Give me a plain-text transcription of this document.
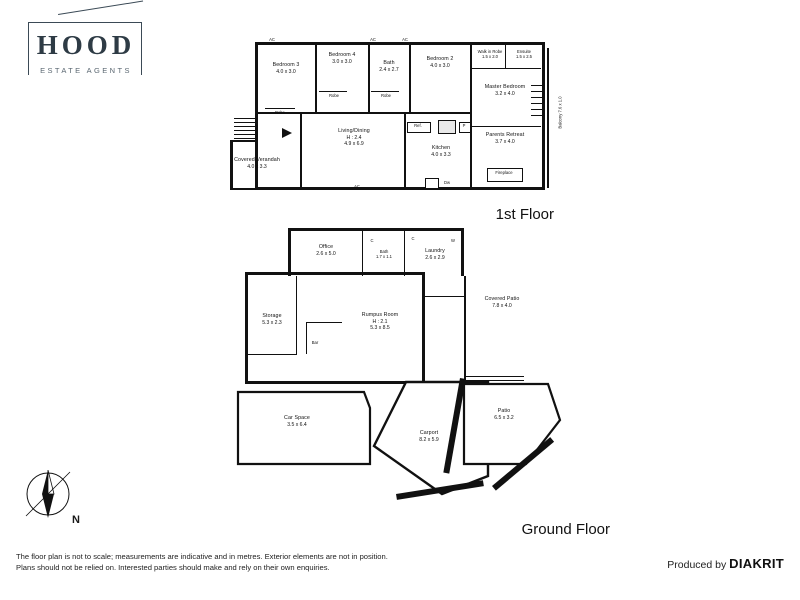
HOOD
ESTATE AGENTS
Covered Verandah
4.0 x 3.3
Bedroom 3
4.0 x 3.0
Robe
Bedroom 4
3.0 x 3.0
Robe
Bath
2.4 x 2.7
Robe
Bedroom 2
4.0 x 3.0
Master Bedroom
3.2 x 4.0
Walk in Robe
1.5 x 2.0
Ensuite
1.5 x 2.5
Parents Retreat
3.7 x 4.0
Fireplace
Living/Dining
H : 2.4
4.9 x 6.9
Kitchen
4.0 x 3.3
Ref.	P
Dw
AC	AC	AC
AC
Balcony 7.6 x 1.0
1st Floor
Office
2.6 x 5.0	Bath
1.7 x 1.1
Laundry
2.6 x 2.9
C	W
C
Rumpus Room
H : 2.1
5.3 x 8.5
Storage
5.3 x 2.3
Bar
Covered Patio
7.8 x 4.0
Car Space
3.5 x 6.4
Carport
8.2 x 5.9
Patio
6.5 x 3.2
Ground Floor
N
The floor plan is not to scale; measurements are indicative and in metres. Exterior elements are not in position.
Plans should not be relied on. Interested parties should make and rely on their own enquiries.	Produced by DIAKRIT
